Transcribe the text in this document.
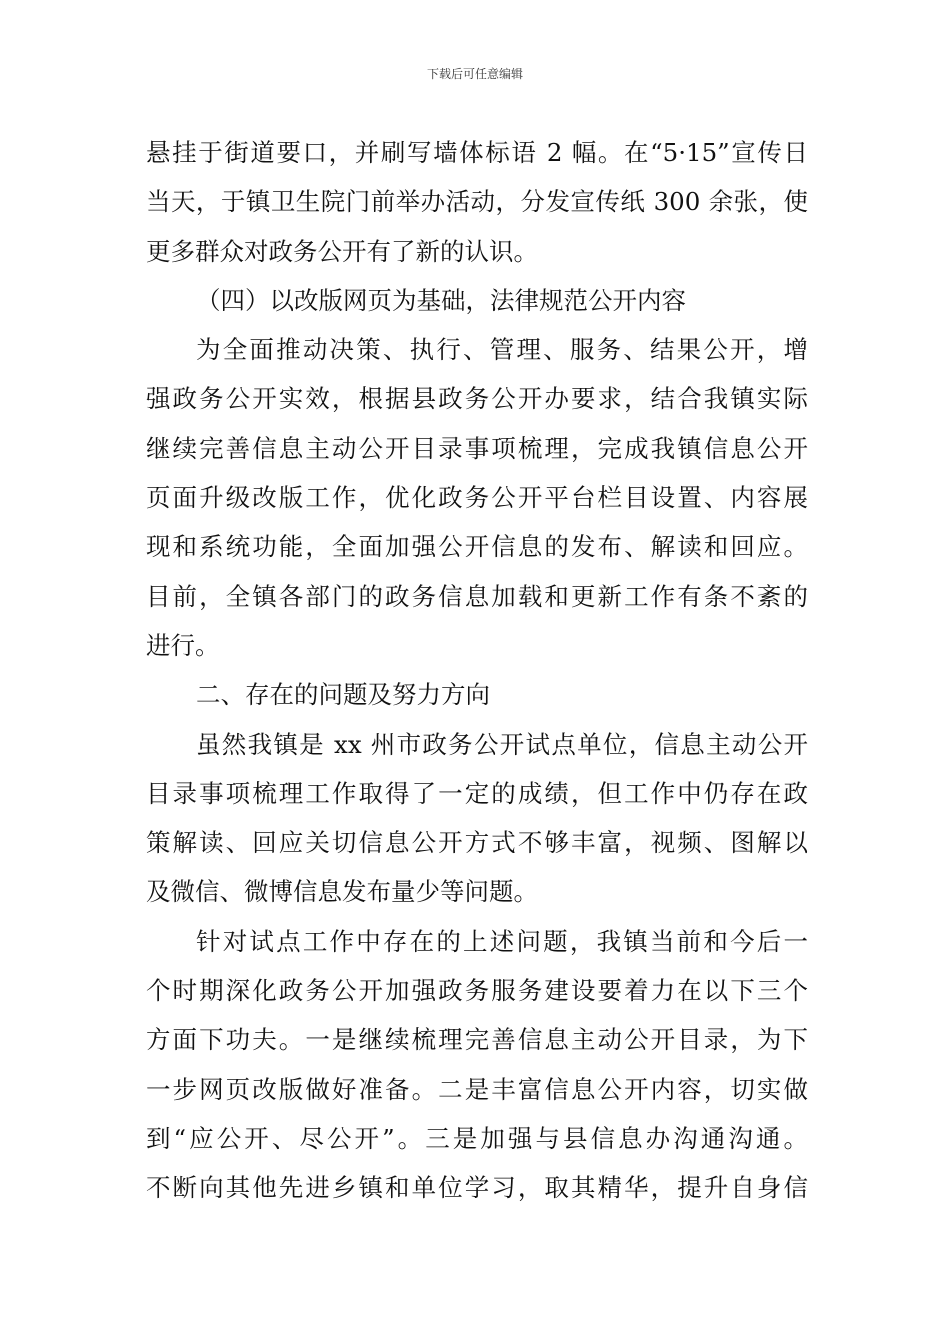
下载后可任意编辑
悬挂于街道要口，并刷写墙体标语 2 幅。在“5·15”宣传日
当天，于镇卫生院门前举办活动，分发宣传纸 300 余张，使
更多群众对政务公开有了新的认识。
（四）以改版网页为基础，法律规范公开内容
为全面推动决策、执行、管理、服务、结果公开，增
强政务公开实效，根据县政务公开办要求，结合我镇实际
继续完善信息主动公开目录事项梳理，完成我镇信息公开
页面升级改版工作，优化政务公开平台栏目设置、内容展
现和系统功能，全面加强公开信息的发布、解读和回应。
目前，全镇各部门的政务信息加载和更新工作有条不紊的
进行。
二、存在的问题及努力方向
虽然我镇是 xx 州市政务公开试点单位，信息主动公开
目录事项梳理工作取得了一定的成绩，但工作中仍存在政
策解读、回应关切信息公开方式不够丰富，视频、图解以
及微信、微博信息发布量少等问题。
针对试点工作中存在的上述问题，我镇当前和今后一
个时期深化政务公开加强政务服务建设要着力在以下三个
方面下功夫。一是继续梳理完善信息主动公开目录，为下
一步网页改版做好准备。二是丰富信息公开内容，切实做
到“应公开、尽公开”。三是加强与县信息办沟通沟通。
不断向其他先进乡镇和单位学习，取其精华，提升自身信
